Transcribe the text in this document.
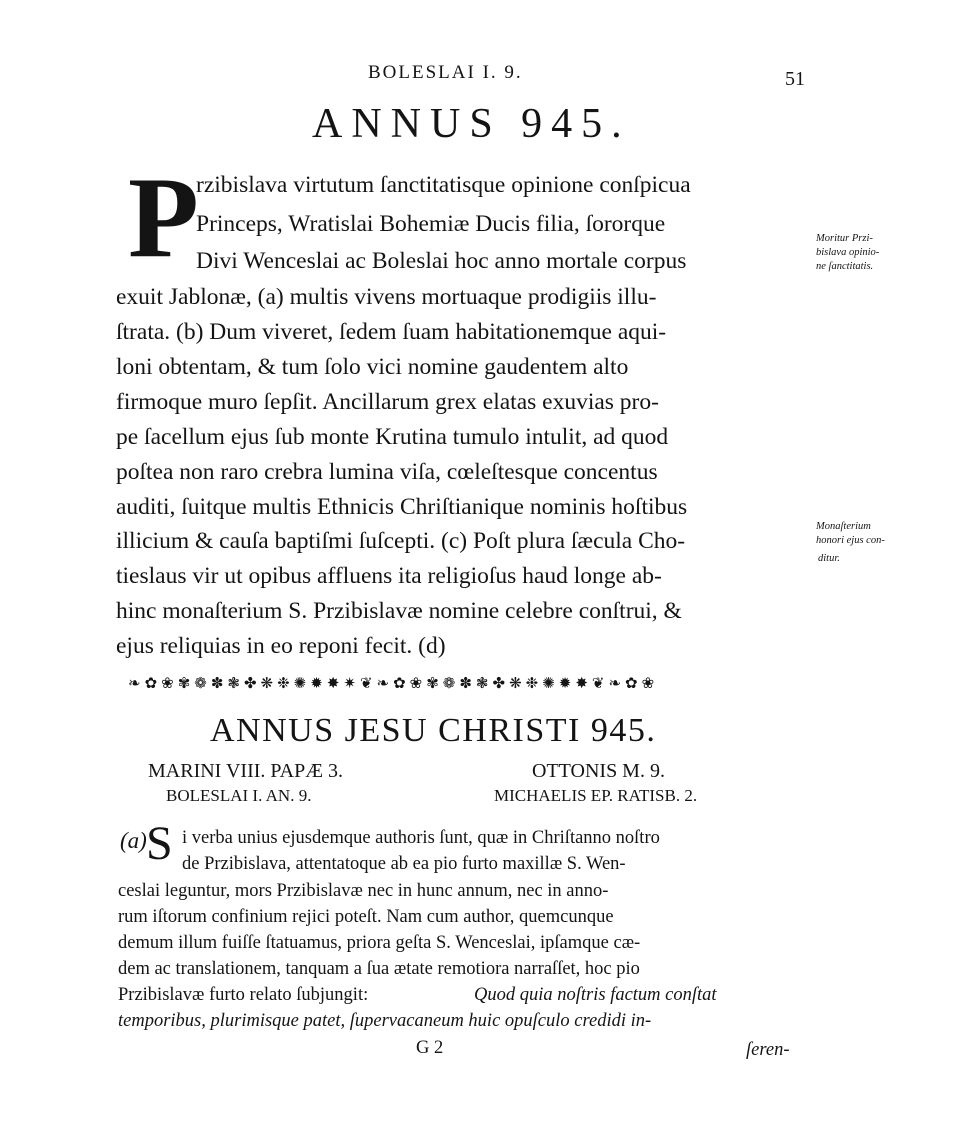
BOLESLAI I. 9.	51
ANNUS 945.
P
rzibislava virtutum ſanctitatisque opinione conſpicua
Princeps, Wratislai Bohemiæ Ducis filia, ſororque
Divi Wenceslai ac Boleslai hoc anno mortale corpus
exuit Jablonæ, (a) multis vivens mortuaque prodigiis illu-
ſtrata. (b) Dum viveret, ſedem ſuam habitationemque aqui-
loni obtentam, & tum ſolo vici nomine gaudentem alto
firmoque muro ſepſit. Ancillarum grex elatas exuvias pro-
pe ſacellum ejus ſub monte Krutina tumulo intulit, ad quod
poſtea non raro crebra lumina viſa, cœleſtesque concentus
auditi, ſuitque multis Ethnicis Chriſtianique nominis hoſtibus
illicium & cauſa baptiſmi ſuſcepti. (c) Poſt plura ſæcula Cho-
tieslaus vir ut opibus affluens ita religioſus haud longe ab-
hinc monaſterium S. Przibislavæ nomine celebre conſtrui, &
ejus reliquias in eo reponi fecit. (d)
Moritur Przi-
bislava opinio-
ne ſanctitatis.
Monaſterium
honori ejus con-
ditur.
❧✿❀✾❁✽❃✤❋❉✺✹✸✷❦❧✿❀✾❁✽❃✤❋❉✺✹✸❦❧✿❀
ANNUS JESU CHRISTI 945.
MARINI VIII. PAPÆ 3.
BOLESLAI I. AN. 9.
OTTONIS M. 9.
MICHAELIS EP. RATISB. 2.
(a) S i verba unius ejusdemque authoris ſunt, quæ in Chriſtanno noſtro
de Przibislava, attentatoque ab ea pio furto maxillæ S. Wen-
ceslai leguntur, mors Przibislavæ nec in hunc annum, nec in anno-
rum iſtorum confinium rejici poteſt. Nam cum author, quemcunque
demum illum fuiſſe ſtatuamus, priora geſta S. Wenceslai, ipſamque cæ-
dem ac translationem, tanquam a ſua ætate remotiora narraſſet, hoc pio
Przibislavæ furto relato ſubjungit:	Quod quia noſtris factum conſtat
temporibus, plurimisque patet, ſupervacaneum huic opuſculo credidi in-
G 2	ſeren-
